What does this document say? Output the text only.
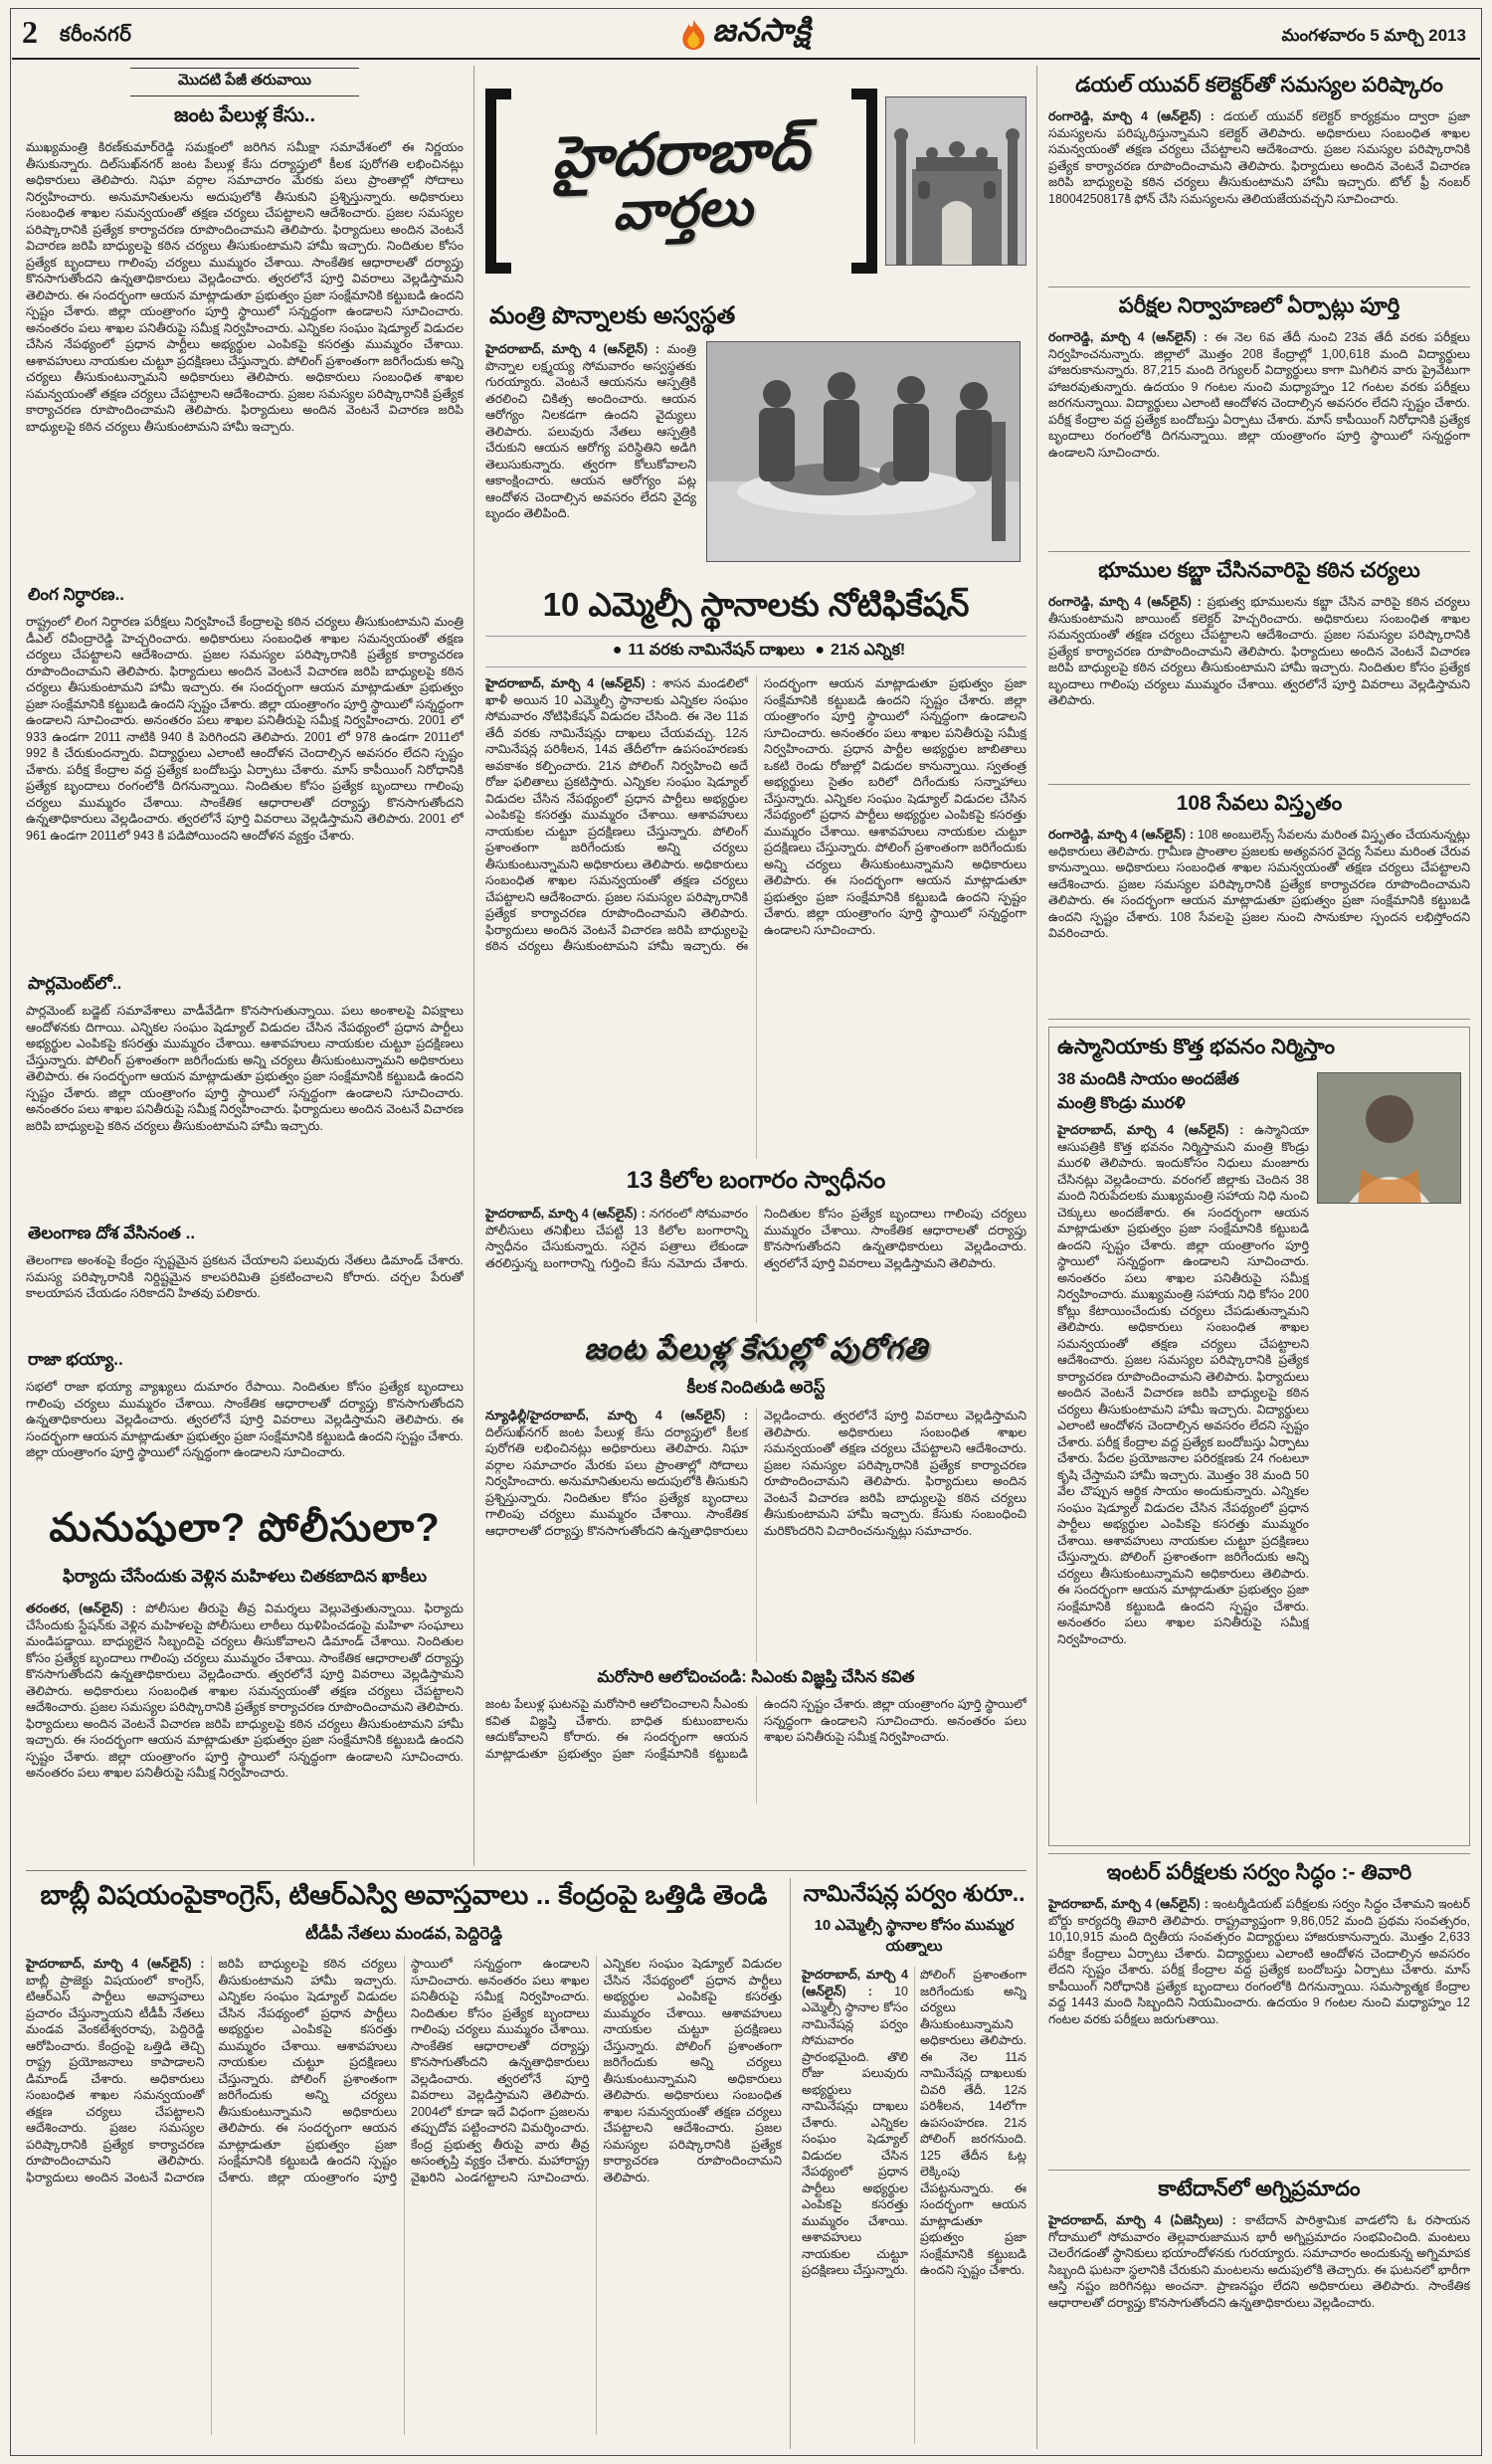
2 కరీంనగర్	జనసాక్షి	మంగళవారం 5 మార్చి 2013
మొదటి పేజీ తరువాయి
జంట పేలుళ్ల కేసు..

ముఖ్యమంత్రి కిరణ్‌కుమార్‌రెడ్డి సమక్షంలో జరిగిన సమీక్షా సమావేశంలో ఈ నిర్ణయం తీసుకున్నారు. దిల్‌సుఖ్‌నగర్ జంట పేలుళ్ల కేసు దర్యాప్తులో కీలక పురోగతి లభించినట్లు అధికారులు తెలిపారు. నిఘా వర్గాల సమాచారం మేరకు పలు ప్రాంతాల్లో సోదాలు నిర్వహించారు. అనుమానితులను అదుపులోకి తీసుకుని ప్రశ్నిస్తున్నారు. అధికారులు సంబంధిత శాఖల సమన్వయంతో తక్షణ చర్యలు చేపట్టాలని ఆదేశించారు. ప్రజల సమస్యల పరిష్కారానికి ప్రత్యేక కార్యాచరణ రూపొందించామని తెలిపారు. ఫిర్యాదులు అందిన వెంటనే విచారణ జరిపి బాధ్యులపై కఠిన చర్యలు తీసుకుంటామని హామీ ఇచ్చారు. నిందితుల కోసం ప్రత్యేక బృందాలు గాలింపు చర్యలు ముమ్మరం చేశాయి. సాంకేతిక ఆధారాలతో దర్యాప్తు కొనసాగుతోందని ఉన్నతాధికారులు వెల్లడించారు. త్వరలోనే పూర్తి వివరాలు వెల్లడిస్తామని తెలిపారు. ఈ సందర్భంగా ఆయన మాట్లాడుతూ ప్రభుత్వం ప్రజా సంక్షేమానికి కట్టుబడి ఉందని స్పష్టం చేశారు. జిల్లా యంత్రాంగం పూర్తి స్థాయిలో సన్నద్ధంగా ఉండాలని సూచించారు. అనంతరం పలు శాఖల పనితీరుపై సమీక్ష నిర్వహించారు. ఎన్నికల సంఘం షెడ్యూల్ విడుదల చేసిన నేపథ్యంలో ప్రధాన పార్టీలు అభ్యర్థుల ఎంపికపై కసరత్తు ముమ్మరం చేశాయి. ఆశావహులు నాయకుల చుట్టూ ప్రదక్షిణలు చేస్తున్నారు. పోలింగ్ ప్రశాంతంగా జరిగేందుకు అన్ని చర్యలు తీసుకుంటున్నామని అధికారులు తెలిపారు. అధికారులు సంబంధిత శాఖల సమన్వయంతో తక్షణ చర్యలు చేపట్టాలని ఆదేశించారు. ప్రజల సమస్యల పరిష్కారానికి ప్రత్యేక కార్యాచరణ రూపొందించామని తెలిపారు. ఫిర్యాదులు అందిన వెంటనే విచారణ జరిపి బాధ్యులపై కఠిన చర్యలు తీసుకుంటామని హామీ ఇచ్చారు.

లింగ నిర్ధారణ..

రాష్ట్రంలో లింగ నిర్ధారణ పరీక్షలు నిర్వహించే కేంద్రాలపై కఠిన చర్యలు తీసుకుంటామని మంత్రి డీఎల్ రవీంద్రారెడ్డి హెచ్చరించారు. అధికారులు సంబంధిత శాఖల సమన్వయంతో తక్షణ చర్యలు చేపట్టాలని ఆదేశించారు. ప్రజల సమస్యల పరిష్కారానికి ప్రత్యేక కార్యాచరణ రూపొందించామని తెలిపారు. ఫిర్యాదులు అందిన వెంటనే విచారణ జరిపి బాధ్యులపై కఠిన చర్యలు తీసుకుంటామని హామీ ఇచ్చారు. ఈ సందర్భంగా ఆయన మాట్లాడుతూ ప్రభుత్వం ప్రజా సంక్షేమానికి కట్టుబడి ఉందని స్పష్టం చేశారు. జిల్లా యంత్రాంగం పూర్తి స్థాయిలో సన్నద్ధంగా ఉండాలని సూచించారు. అనంతరం పలు శాఖల పనితీరుపై సమీక్ష నిర్వహించారు. 2001 లో 933 ఉండగా 2011 నాటికి 940 కి పెరిగిందని తెలిపారు. 2001 లో 978 ఉండగా 2011లో 992 కి చేరుకుందన్నారు. విద్యార్థులు ఎలాంటి ఆందోళన చెందాల్సిన అవసరం లేదని స్పష్టం చేశారు. పరీక్ష కేంద్రాల వద్ద ప్రత్యేక బందోబస్తు ఏర్పాటు చేశారు. మాస్ కాపీయింగ్ నిరోధానికి ప్రత్యేక బృందాలు రంగంలోకి దిగనున్నాయి. నిందితుల కోసం ప్రత్యేక బృందాలు గాలింపు చర్యలు ముమ్మరం చేశాయి. సాంకేతిక ఆధారాలతో దర్యాప్తు కొనసాగుతోందని ఉన్నతాధికారులు వెల్లడించారు. త్వరలోనే పూర్తి వివరాలు వెల్లడిస్తామని తెలిపారు. 2001 లో 961 ఉండగా 2011లో 943 కి పడిపోయిందని ఆందోళన వ్యక్తం చేశారు.

పార్లమెంట్‌లో..

పార్లమెంట్ బడ్జెట్ సమావేశాలు వాడీవేడిగా కొనసాగుతున్నాయి. పలు అంశాలపై విపక్షాలు ఆందోళనకు దిగాయి. ఎన్నికల సంఘం షెడ్యూల్ విడుదల చేసిన నేపథ్యంలో ప్రధాన పార్టీలు అభ్యర్థుల ఎంపికపై కసరత్తు ముమ్మరం చేశాయి. ఆశావహులు నాయకుల చుట్టూ ప్రదక్షిణలు చేస్తున్నారు. పోలింగ్ ప్రశాంతంగా జరిగేందుకు అన్ని చర్యలు తీసుకుంటున్నామని అధికారులు తెలిపారు. ఈ సందర్భంగా ఆయన మాట్లాడుతూ ప్రభుత్వం ప్రజా సంక్షేమానికి కట్టుబడి ఉందని స్పష్టం చేశారు. జిల్లా యంత్రాంగం పూర్తి స్థాయిలో సన్నద్ధంగా ఉండాలని సూచించారు. అనంతరం పలు శాఖల పనితీరుపై సమీక్ష నిర్వహించారు. ఫిర్యాదులు అందిన వెంటనే విచారణ జరిపి బాధ్యులపై కఠిన చర్యలు తీసుకుంటామని హామీ ఇచ్చారు.

తెలంగాణ దోశ వేసినంత ..

తెలంగాణ అంశంపై కేంద్రం స్పష్టమైన ప్రకటన చేయాలని పలువురు నేతలు డిమాండ్ చేశారు. సమస్య పరిష్కారానికి నిర్దిష్టమైన కాలపరిమితి ప్రకటించాలని కోరారు. చర్చల పేరుతో కాలయాపన చేయడం సరికాదని హితవు పలికారు.

రాజా భయ్యా..

సభలో రాజా భయ్యా వ్యాఖ్యలు దుమారం రేపాయి. నిందితుల కోసం ప్రత్యేక బృందాలు గాలింపు చర్యలు ముమ్మరం చేశాయి. సాంకేతిక ఆధారాలతో దర్యాప్తు కొనసాగుతోందని ఉన్నతాధికారులు వెల్లడించారు. త్వరలోనే పూర్తి వివరాలు వెల్లడిస్తామని తెలిపారు. ఈ సందర్భంగా ఆయన మాట్లాడుతూ ప్రభుత్వం ప్రజా సంక్షేమానికి కట్టుబడి ఉందని స్పష్టం చేశారు. జిల్లా యంత్రాంగం పూర్తి స్థాయిలో సన్నద్ధంగా ఉండాలని సూచించారు.

మనుషులా? పోలీసులా?
ఫిర్యాదు చేసేందుకు వెళ్లిన మహిళలు చితకబాదిన ఖాకీలు

తరంతర, (ఆన్‌లైన్) : పోలీసుల తీరుపై తీవ్ర విమర్శలు వెల్లువెత్తుతున్నాయి. ఫిర్యాదు చేసేందుకు స్టేషన్‌కు వెళ్లిన మహిళలపై పోలీసులు లాఠీలు ఝళిపించడంపై మహిళా సంఘాలు మండిపడ్డాయి. బాధ్యులైన సిబ్బందిపై చర్యలు తీసుకోవాలని డిమాండ్ చేశాయి. నిందితుల కోసం ప్రత్యేక బృందాలు గాలింపు చర్యలు ముమ్మరం చేశాయి. సాంకేతిక ఆధారాలతో దర్యాప్తు కొనసాగుతోందని ఉన్నతాధికారులు వెల్లడించారు. త్వరలోనే పూర్తి వివరాలు వెల్లడిస్తామని తెలిపారు. అధికారులు సంబంధిత శాఖల సమన్వయంతో తక్షణ చర్యలు చేపట్టాలని ఆదేశించారు. ప్రజల సమస్యల పరిష్కారానికి ప్రత్యేక కార్యాచరణ రూపొందించామని తెలిపారు. ఫిర్యాదులు అందిన వెంటనే విచారణ జరిపి బాధ్యులపై కఠిన చర్యలు తీసుకుంటామని హామీ ఇచ్చారు. ఈ సందర్భంగా ఆయన మాట్లాడుతూ ప్రభుత్వం ప్రజా సంక్షేమానికి కట్టుబడి ఉందని స్పష్టం చేశారు. జిల్లా యంత్రాంగం పూర్తి స్థాయిలో సన్నద్ధంగా ఉండాలని సూచించారు. అనంతరం పలు శాఖల పనితీరుపై సమీక్ష నిర్వహించారు.

హైదరాబాద్
వార్తలు
మంత్రి పొన్నాలకు అస్వస్థత

హైదరాబాద్, మార్చి 4 (ఆన్‌లైన్) : మంత్రి పొన్నాల లక్ష్మయ్య సోమవారం అస్వస్థతకు గురయ్యారు. వెంటనే ఆయనను ఆస్పత్రికి తరలించి చికిత్స అందించారు. ఆయన ఆరోగ్యం నిలకడగా ఉందని వైద్యులు తెలిపారు. పలువురు నేతలు ఆస్పత్రికి చేరుకుని ఆయన ఆరోగ్య పరిస్థితిని అడిగి తెలుసుకున్నారు. త్వరగా కోలుకోవాలని ఆకాంక్షించారు. ఆయన ఆరోగ్యం పట్ల ఆందోళన చెందాల్సిన అవసరం లేదని వైద్య బృందం తెలిపింది.

10 ఎమ్మెల్సీ స్థానాలకు నోటిఫికేషన్
● 11 వరకు నామినేషన్ దాఖలు ● 21న ఎన్నిక!

హైదరాబాద్, మార్చి 4 (ఆన్‌లైన్) : శాసన మండలిలో ఖాళీ అయిన 10 ఎమ్మెల్సీ స్థానాలకు ఎన్నికల సంఘం సోమవారం నోటిఫికేషన్ విడుదల చేసింది. ఈ నెల 11వ తేదీ వరకు నామినేషన్లు దాఖలు చేయవచ్చు. 12న నామినేషన్ల పరిశీలన, 14వ తేదీలోగా ఉపసంహరణకు అవకాశం కల్పించారు. 21న పోలింగ్ నిర్వహించి అదే రోజు ఫలితాలు ప్రకటిస్తారు. ఎన్నికల సంఘం షెడ్యూల్ విడుదల చేసిన నేపథ్యంలో ప్రధాన పార్టీలు అభ్యర్థుల ఎంపికపై కసరత్తు ముమ్మరం చేశాయి. ఆశావహులు నాయకుల చుట్టూ ప్రదక్షిణలు చేస్తున్నారు. పోలింగ్ ప్రశాంతంగా జరిగేందుకు అన్ని చర్యలు తీసుకుంటున్నామని అధికారులు తెలిపారు. అధికారులు సంబంధిత శాఖల సమన్వయంతో తక్షణ చర్యలు చేపట్టాలని ఆదేశించారు. ప్రజల సమస్యల పరిష్కారానికి ప్రత్యేక కార్యాచరణ రూపొందించామని తెలిపారు. ఫిర్యాదులు అందిన వెంటనే విచారణ జరిపి బాధ్యులపై కఠిన చర్యలు తీసుకుంటామని హామీ ఇచ్చారు. ఈ సందర్భంగా ఆయన మాట్లాడుతూ ప్రభుత్వం ప్రజా సంక్షేమానికి కట్టుబడి ఉందని స్పష్టం చేశారు. జిల్లా యంత్రాంగం పూర్తి స్థాయిలో సన్నద్ధంగా ఉండాలని సూచించారు. అనంతరం పలు శాఖల పనితీరుపై సమీక్ష నిర్వహించారు. ప్రధాన పార్టీల అభ్యర్థుల జాబితాలు ఒకటి రెండు రోజుల్లో విడుదల కానున్నాయి. స్వతంత్ర అభ్యర్థులు సైతం బరిలో దిగేందుకు సన్నాహాలు చేస్తున్నారు. ఎన్నికల సంఘం షెడ్యూల్ విడుదల చేసిన నేపథ్యంలో ప్రధాన పార్టీలు అభ్యర్థుల ఎంపికపై కసరత్తు ముమ్మరం చేశాయి. ఆశావహులు నాయకుల చుట్టూ ప్రదక్షిణలు చేస్తున్నారు. పోలింగ్ ప్రశాంతంగా జరిగేందుకు అన్ని చర్యలు తీసుకుంటున్నామని అధికారులు తెలిపారు. ఈ సందర్భంగా ఆయన మాట్లాడుతూ ప్రభుత్వం ప్రజా సంక్షేమానికి కట్టుబడి ఉందని స్పష్టం చేశారు. జిల్లా యంత్రాంగం పూర్తి స్థాయిలో సన్నద్ధంగా ఉండాలని సూచించారు.

13 కిలోల బంగారం స్వాధీనం

హైదరాబాద్, మార్చి 4 (ఆన్‌లైన్) : నగరంలో సోమవారం పోలీసులు తనిఖీలు చేపట్టి 13 కిలోల బంగారాన్ని స్వాధీనం చేసుకున్నారు. సరైన పత్రాలు లేకుండా తరలిస్తున్న బంగారాన్ని గుర్తించి కేసు నమోదు చేశారు. నిందితుల కోసం ప్రత్యేక బృందాలు గాలింపు చర్యలు ముమ్మరం చేశాయి. సాంకేతిక ఆధారాలతో దర్యాప్తు కొనసాగుతోందని ఉన్నతాధికారులు వెల్లడించారు. త్వరలోనే పూర్తి వివరాలు వెల్లడిస్తామని తెలిపారు.

జంట పేలుళ్ల కేసుల్లో పురోగతి
కీలక నిందితుడి అరెస్ట్

న్యూఢిల్లీ/హైదరాబాద్, మార్చి 4 (ఆన్‌లైన్) : దిల్‌సుఖ్‌నగర్ జంట పేలుళ్ల కేసు దర్యాప్తులో కీలక పురోగతి లభించినట్లు అధికారులు తెలిపారు. నిఘా వర్గాల సమాచారం మేరకు పలు ప్రాంతాల్లో సోదాలు నిర్వహించారు. అనుమానితులను అదుపులోకి తీసుకుని ప్రశ్నిస్తున్నారు. నిందితుల కోసం ప్రత్యేక బృందాలు గాలింపు చర్యలు ముమ్మరం చేశాయి. సాంకేతిక ఆధారాలతో దర్యాప్తు కొనసాగుతోందని ఉన్నతాధికారులు వెల్లడించారు. త్వరలోనే పూర్తి వివరాలు వెల్లడిస్తామని తెలిపారు. అధికారులు సంబంధిత శాఖల సమన్వయంతో తక్షణ చర్యలు చేపట్టాలని ఆదేశించారు. ప్రజల సమస్యల పరిష్కారానికి ప్రత్యేక కార్యాచరణ రూపొందించామని తెలిపారు. ఫిర్యాదులు అందిన వెంటనే విచారణ జరిపి బాధ్యులపై కఠిన చర్యలు తీసుకుంటామని హామీ ఇచ్చారు. కేసుకు సంబంధించి మరికొందరిని విచారించనున్నట్లు సమాచారం.

మరోసారి ఆలోచించండి: సిఎంకు విజ్ఞప్తి చేసిన కవిత

జంట పేలుళ్ల ఘటనపై మరోసారి ఆలోచించాలని సీఎంకు కవిత విజ్ఞప్తి చేశారు. బాధిత కుటుంబాలను ఆదుకోవాలని కోరారు. ఈ సందర్భంగా ఆయన మాట్లాడుతూ ప్రభుత్వం ప్రజా సంక్షేమానికి కట్టుబడి ఉందని స్పష్టం చేశారు. జిల్లా యంత్రాంగం పూర్తి స్థాయిలో సన్నద్ధంగా ఉండాలని సూచించారు. అనంతరం పలు శాఖల పనితీరుపై సమీక్ష నిర్వహించారు.

డయల్ యువర్ కలెక్టర్‌తో సమస్యల పరిష్కారం

రంగారెడ్డి, మార్చి 4 (ఆన్‌లైన్) : డయల్ యువర్ కలెక్టర్ కార్యక్రమం ద్వారా ప్రజా సమస్యలను పరిష్కరిస్తున్నామని కలెక్టర్ తెలిపారు. అధికారులు సంబంధిత శాఖల సమన్వయంతో తక్షణ చర్యలు చేపట్టాలని ఆదేశించారు. ప్రజల సమస్యల పరిష్కారానికి ప్రత్యేక కార్యాచరణ రూపొందించామని తెలిపారు. ఫిర్యాదులు అందిన వెంటనే విచారణ జరిపి బాధ్యులపై కఠిన చర్యలు తీసుకుంటామని హామీ ఇచ్చారు. టోల్ ఫ్రీ నంబర్ 18004250817కి ఫోన్ చేసి సమస్యలను తెలియజేయవచ్చని సూచించారు.

పరీక్షల నిర్వాహణలో ఏర్పాట్లు పూర్తి

రంగారెడ్డి, మార్చి 4 (ఆన్‌లైన్) : ఈ నెల 6వ తేదీ నుంచి 23వ తేదీ వరకు పరీక్షలు నిర్వహించనున్నారు. జిల్లాలో మొత్తం 208 కేంద్రాల్లో 1,00,618 మంది విద్యార్థులు హాజరుకానున్నారు. 87,215 మంది రెగ్యులర్ విద్యార్థులు కాగా మిగిలిన వారు ప్రైవేటుగా హాజరవుతున్నారు. ఉదయం 9 గంటల నుంచి మధ్యాహ్నం 12 గంటల వరకు పరీక్షలు జరగనున్నాయి. విద్యార్థులు ఎలాంటి ఆందోళన చెందాల్సిన అవసరం లేదని స్పష్టం చేశారు. పరీక్ష కేంద్రాల వద్ద ప్రత్యేక బందోబస్తు ఏర్పాటు చేశారు. మాస్ కాపీయింగ్ నిరోధానికి ప్రత్యేక బృందాలు రంగంలోకి దిగనున్నాయి. జిల్లా యంత్రాంగం పూర్తి స్థాయిలో సన్నద్ధంగా ఉండాలని సూచించారు.

భూముల కబ్జా చేసినవారిపై కఠిన చర్యలు

రంగారెడ్డి, మార్చి 4 (ఆన్‌లైన్) : ప్రభుత్వ భూములను కబ్జా చేసిన వారిపై కఠిన చర్యలు తీసుకుంటామని జాయింట్ కలెక్టర్ హెచ్చరించారు. అధికారులు సంబంధిత శాఖల సమన్వయంతో తక్షణ చర్యలు చేపట్టాలని ఆదేశించారు. ప్రజల సమస్యల పరిష్కారానికి ప్రత్యేక కార్యాచరణ రూపొందించామని తెలిపారు. ఫిర్యాదులు అందిన వెంటనే విచారణ జరిపి బాధ్యులపై కఠిన చర్యలు తీసుకుంటామని హామీ ఇచ్చారు. నిందితుల కోసం ప్రత్యేక బృందాలు గాలింపు చర్యలు ముమ్మరం చేశాయి. త్వరలోనే పూర్తి వివరాలు వెల్లడిస్తామని తెలిపారు.

108 సేవలు విస్తృతం

రంగారెడ్డి, మార్చి 4 (ఆన్‌లైన్) : 108 అంబులెన్స్ సేవలను మరింత విస్తృతం చేయనున్నట్లు అధికారులు తెలిపారు. గ్రామీణ ప్రాంతాల ప్రజలకు అత్యవసర వైద్య సేవలు మరింత చేరువ కానున్నాయి. అధికారులు సంబంధిత శాఖల సమన్వయంతో తక్షణ చర్యలు చేపట్టాలని ఆదేశించారు. ప్రజల సమస్యల పరిష్కారానికి ప్రత్యేక కార్యాచరణ రూపొందించామని తెలిపారు. ఈ సందర్భంగా ఆయన మాట్లాడుతూ ప్రభుత్వం ప్రజా సంక్షేమానికి కట్టుబడి ఉందని స్పష్టం చేశారు. 108 సేవలపై ప్రజల నుంచి సానుకూల స్పందన లభిస్తోందని వివరించారు.

ఉస్మానియాకు కొత్త భవనం నిర్మిస్తాం
38 మందికి సాయం అందజేత
మంత్రి కొండ్రు మురళి

హైదరాబాద్, మార్చి 4 (ఆన్‌లైన్) : ఉస్మానియా ఆసుపత్రికి కొత్త భవనం నిర్మిస్తామని మంత్రి కొండ్రు మురళి తెలిపారు. ఇందుకోసం నిధులు మంజూరు చేసినట్లు వెల్లడించారు. వరంగల్ జిల్లాకు చెందిన 38 మంది నిరుపేదలకు ముఖ్యమంత్రి సహాయ నిధి నుంచి చెక్కులు అందజేశారు. ఈ సందర్భంగా ఆయన మాట్లాడుతూ ప్రభుత్వం ప్రజా సంక్షేమానికి కట్టుబడి ఉందని స్పష్టం చేశారు. జిల్లా యంత్రాంగం పూర్తి స్థాయిలో సన్నద్ధంగా ఉండాలని సూచించారు. అనంతరం పలు శాఖల పనితీరుపై సమీక్ష నిర్వహించారు. ముఖ్యమంత్రి సహాయ నిధి కోసం 200 కోట్లు కేటాయించేందుకు చర్యలు చేపడుతున్నామని తెలిపారు. అధికారులు సంబంధిత శాఖల సమన్వయంతో తక్షణ చర్యలు చేపట్టాలని ఆదేశించారు. ప్రజల సమస్యల పరిష్కారానికి ప్రత్యేక కార్యాచరణ రూపొందించామని తెలిపారు. ఫిర్యాదులు అందిన వెంటనే విచారణ జరిపి బాధ్యులపై కఠిన చర్యలు తీసుకుంటామని హామీ ఇచ్చారు. విద్యార్థులు ఎలాంటి ఆందోళన చెందాల్సిన అవసరం లేదని స్పష్టం చేశారు. పరీక్ష కేంద్రాల వద్ద ప్రత్యేక బందోబస్తు ఏర్పాటు చేశారు. పేదల ప్రయోజనాల పరిరక్షణకు 24 గంటలూ కృషి చేస్తామని హామీ ఇచ్చారు. మొత్తం 38 మంది 50 వేల చొప్పున ఆర్థిక సాయం అందుకున్నారు. ఎన్నికల సంఘం షెడ్యూల్ విడుదల చేసిన నేపథ్యంలో ప్రధాన పార్టీలు అభ్యర్థుల ఎంపికపై కసరత్తు ముమ్మరం చేశాయి. ఆశావహులు నాయకుల చుట్టూ ప్రదక్షిణలు చేస్తున్నారు. పోలింగ్ ప్రశాంతంగా జరిగేందుకు అన్ని చర్యలు తీసుకుంటున్నామని అధికారులు తెలిపారు. ఈ సందర్భంగా ఆయన మాట్లాడుతూ ప్రభుత్వం ప్రజా సంక్షేమానికి కట్టుబడి ఉందని స్పష్టం చేశారు. అనంతరం పలు శాఖల పనితీరుపై సమీక్ష నిర్వహించారు.

ఇంటర్ పరీక్షలకు సర్వం సిద్ధం :- తివారి

హైదరాబాద్, మార్చి 4 (ఆన్‌లైన్) : ఇంటర్మీడియట్ పరీక్షలకు సర్వం సిద్ధం చేశామని ఇంటర్ బోర్డు కార్యదర్శి తివారి తెలిపారు. రాష్ట్రవ్యాప్తంగా 9,86,052 మంది ప్రథమ సంవత్సరం, 10,10,915 మంది ద్వితీయ సంవత్సరం విద్యార్థులు హాజరుకానున్నారు. మొత్తం 2,633 పరీక్షా కేంద్రాలు ఏర్పాటు చేశారు. విద్యార్థులు ఎలాంటి ఆందోళన చెందాల్సిన అవసరం లేదని స్పష్టం చేశారు. పరీక్ష కేంద్రాల వద్ద ప్రత్యేక బందోబస్తు ఏర్పాటు చేశారు. మాస్ కాపీయింగ్ నిరోధానికి ప్రత్యేక బృందాలు రంగంలోకి దిగనున్నాయి. సమస్యాత్మక కేంద్రాల వద్ద 1443 మంది సిబ్బందిని నియమించారు. ఉదయం 9 గంటల నుంచి మధ్యాహ్నం 12 గంటల వరకు పరీక్షలు జరుగుతాయి.

కాటేదాన్‌లో అగ్నిప్రమాదం

హైదరాబాద్, మార్చి 4 (ఏజెన్సీలు) : కాటేదాన్ పారిశ్రామిక వాడలోని ఓ రసాయన గోదాములో సోమవారం తెల్లవారుజామున భారీ అగ్నిప్రమాదం సంభవించింది. మంటలు చెలరేగడంతో స్థానికులు భయాందోళనకు గురయ్యారు. సమాచారం అందుకున్న అగ్నిమాపక సిబ్బంది ఘటనా స్థలానికి చేరుకుని మంటలను అదుపులోకి తెచ్చారు. ఈ ఘటనలో భారీగా ఆస్తి నష్టం జరిగినట్లు అంచనా. ప్రాణనష్టం లేదని అధికారులు తెలిపారు. సాంకేతిక ఆధారాలతో దర్యాప్తు కొనసాగుతోందని ఉన్నతాధికారులు వెల్లడించారు.

బాబ్లీ విషయంపైకాంగ్రెస్, టిఆర్ఎస్వి అవాస్తవాలు .. కేంద్రంపై ఒత్తిడి తెండి
టీడీపీ నేతలు మండవ, పెద్దిరెడ్డి

హైదరాబాద్, మార్చి 4 (ఆన్‌లైన్) : బాబ్లీ ప్రాజెక్టు విషయంలో కాంగ్రెస్, టిఆర్ఎస్ పార్టీలు అవాస్తవాలు ప్రచారం చేస్తున్నాయని టీడీపీ నేతలు మండవ వెంకటేశ్వరరావు, పెద్దిరెడ్డి ఆరోపించారు. కేంద్రంపై ఒత్తిడి తెచ్చి రాష్ట్ర ప్రయోజనాలు కాపాడాలని డిమాండ్ చేశారు. అధికారులు సంబంధిత శాఖల సమన్వయంతో తక్షణ చర్యలు చేపట్టాలని ఆదేశించారు. ప్రజల సమస్యల పరిష్కారానికి ప్రత్యేక కార్యాచరణ రూపొందించామని తెలిపారు. ఫిర్యాదులు అందిన వెంటనే విచారణ జరిపి బాధ్యులపై కఠిన చర్యలు తీసుకుంటామని హామీ ఇచ్చారు. ఎన్నికల సంఘం షెడ్యూల్ విడుదల చేసిన నేపథ్యంలో ప్రధాన పార్టీలు అభ్యర్థుల ఎంపికపై కసరత్తు ముమ్మరం చేశాయి. ఆశావహులు నాయకుల చుట్టూ ప్రదక్షిణలు చేస్తున్నారు. పోలింగ్ ప్రశాంతంగా జరిగేందుకు అన్ని చర్యలు తీసుకుంటున్నామని అధికారులు తెలిపారు. ఈ సందర్భంగా ఆయన మాట్లాడుతూ ప్రభుత్వం ప్రజా సంక్షేమానికి కట్టుబడి ఉందని స్పష్టం చేశారు. జిల్లా యంత్రాంగం పూర్తి స్థాయిలో సన్నద్ధంగా ఉండాలని సూచించారు. అనంతరం పలు శాఖల పనితీరుపై సమీక్ష నిర్వహించారు. నిందితుల కోసం ప్రత్యేక బృందాలు గాలింపు చర్యలు ముమ్మరం చేశాయి. సాంకేతిక ఆధారాలతో దర్యాప్తు కొనసాగుతోందని ఉన్నతాధికారులు వెల్లడించారు. త్వరలోనే పూర్తి వివరాలు వెల్లడిస్తామని తెలిపారు. 2004లో కూడా ఇదే విధంగా ప్రజలను తప్పుదోవ పట్టించారని విమర్శించారు. కేంద్ర ప్రభుత్వ తీరుపై వారు తీవ్ర అసంతృప్తి వ్యక్తం చేశారు. మహారాష్ట్ర వైఖరిని ఎండగట్టాలని సూచించారు. ఎన్నికల సంఘం షెడ్యూల్ విడుదల చేసిన నేపథ్యంలో ప్రధాన పార్టీలు అభ్యర్థుల ఎంపికపై కసరత్తు ముమ్మరం చేశాయి. ఆశావహులు నాయకుల చుట్టూ ప్రదక్షిణలు చేస్తున్నారు. పోలింగ్ ప్రశాంతంగా జరిగేందుకు అన్ని చర్యలు తీసుకుంటున్నామని అధికారులు తెలిపారు. అధికారులు సంబంధిత శాఖల సమన్వయంతో తక్షణ చర్యలు చేపట్టాలని ఆదేశించారు. ప్రజల సమస్యల పరిష్కారానికి ప్రత్యేక కార్యాచరణ రూపొందించామని తెలిపారు.

నామినేషన్ల పర్వం శురూ..
10 ఎమ్మెల్సీ స్థానాల కోసం ముమ్మర యత్నాలు

హైదరాబాద్, మార్చి 4 (ఆన్‌లైన్) : 10 ఎమ్మెల్సీ స్థానాల కోసం నామినేషన్ల పర్వం సోమవారం ప్రారంభమైంది. తొలి రోజు పలువురు అభ్యర్థులు నామినేషన్లు దాఖలు చేశారు. ఎన్నికల సంఘం షెడ్యూల్ విడుదల చేసిన నేపథ్యంలో ప్రధాన పార్టీలు అభ్యర్థుల ఎంపికపై కసరత్తు ముమ్మరం చేశాయి. ఆశావహులు నాయకుల చుట్టూ ప్రదక్షిణలు చేస్తున్నారు. పోలింగ్ ప్రశాంతంగా జరిగేందుకు అన్ని చర్యలు తీసుకుంటున్నామని అధికారులు తెలిపారు. ఈ నెల 11న నామినేషన్ల దాఖలుకు చివరి తేదీ. 12న పరిశీలన, 14లోగా ఉపసంహరణ. 21న పోలింగ్ జరగనుంది. 125 తేదీన ఓట్ల లెక్కింపు చేపట్టనున్నారు. ఈ సందర్భంగా ఆయన మాట్లాడుతూ ప్రభుత్వం ప్రజా సంక్షేమానికి కట్టుబడి ఉందని స్పష్టం చేశారు.
